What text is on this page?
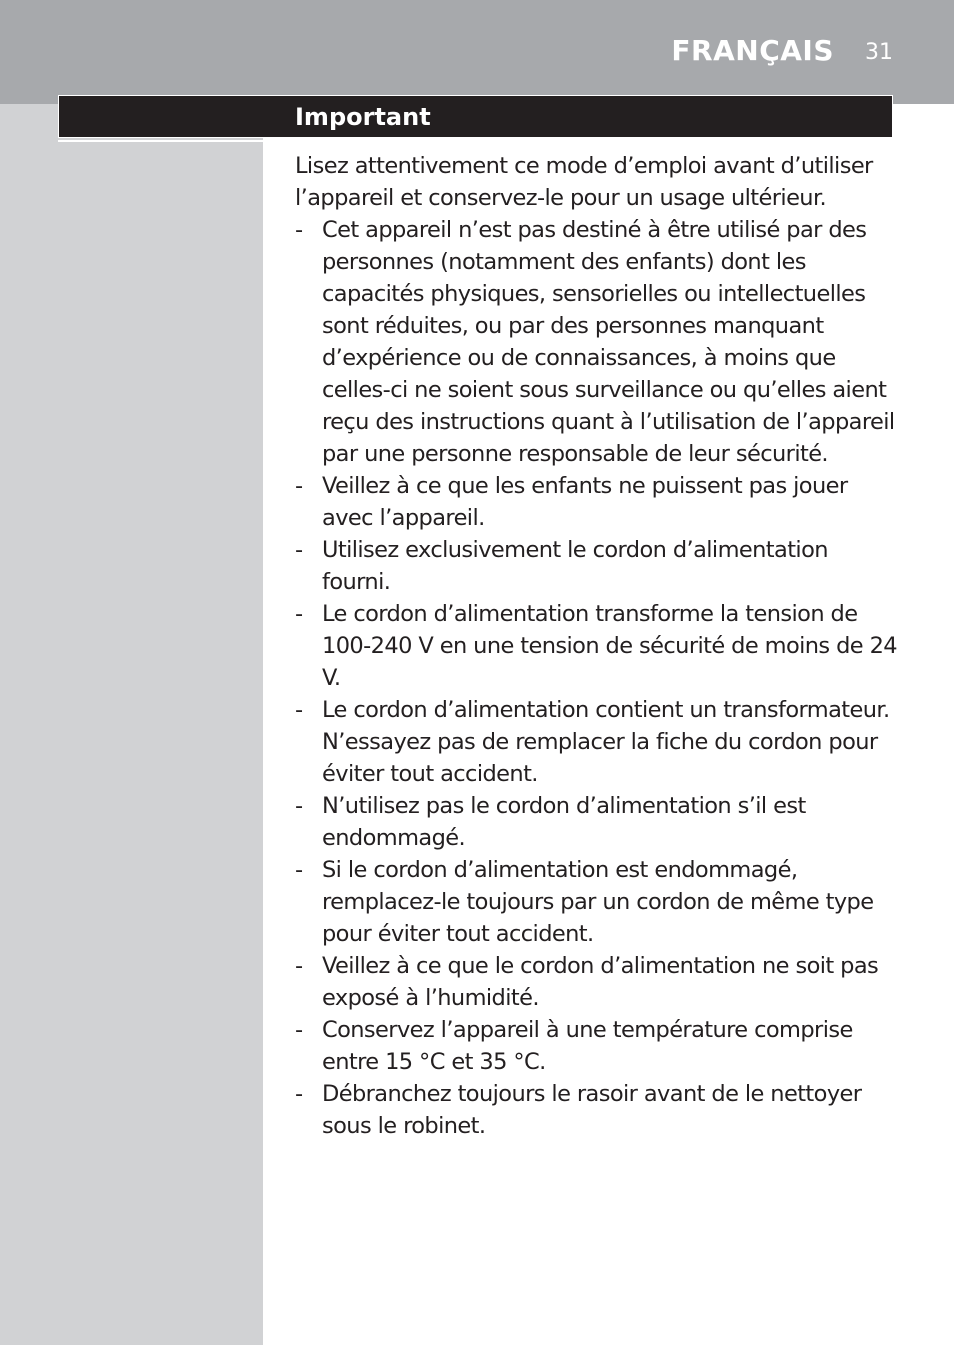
FRANÇAIS 31
Important

Lisez attentivement ce mode d’emploi avant d’utiliser l’appareil et conservez-le pour un usage ultérieur.

- Cet appareil n’est pas destiné à être utilisé par des personnes (notamment des enfants) dont les capacités physiques, sensorielles ou intellectuelles sont réduites, ou par des personnes manquant d’expérience ou de connaissances, à moins que celles-ci ne soient sous surveillance ou qu’elles aient reçu des instructions quant à l’utilisation de l’appareil par une personne responsable de leur sécurité.
- Veillez à ce que les enfants ne puissent pas jouer avec l’appareil.
- Utilisez exclusivement le cordon d’alimentation fourni.
- Le cordon d’alimentation transforme la tension de 100-240 V en une tension de sécurité de moins de 24 V.
- Le cordon d’alimentation contient un transformateur. N’essayez pas de remplacer la fiche du cordon pour éviter tout accident.
- N’utilisez pas le cordon d’alimentation s’il est endommagé.
- Si le cordon d’alimentation est endommagé, remplacez-le toujours par un cordon de même type pour éviter tout accident.
- Veillez à ce que le cordon d’alimentation ne soit pas exposé à l’humidité.
- Conservez l’appareil à une température comprise entre 15 °C et 35 °C.
- Débranchez toujours le rasoir avant de le nettoyer sous le robinet.
